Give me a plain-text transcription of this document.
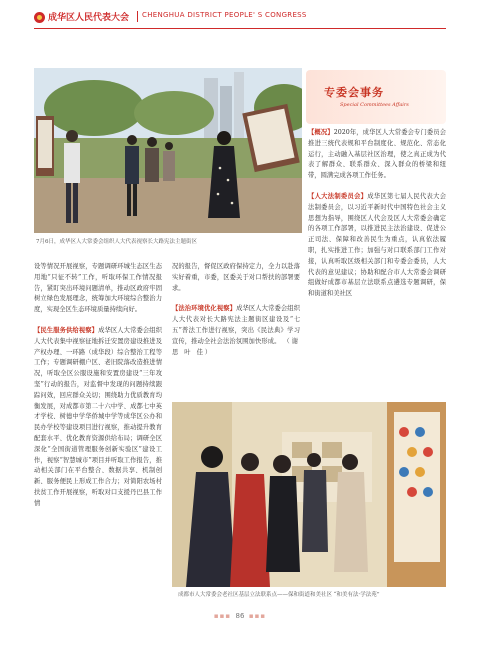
成华区人民代表大会 CHENGHUA DISTRICT PEOPLE' S CONGRESS
7月6日，成华区人大常委会组织人大代表视察长大路宪法主题街区
专委会事务
Special Committees Affairs

【概况】2020年，成华区人大常委会专门委员会推进三统代表规和平台制度化、规范化、常态化运行，主动融入基层社区治理，使之真正成为代表了解群众、联系群众、深入群众的桥梁和纽带，圆满完成各项工作任务。

【人大法制委员会】成华区第七届人民代表大会法制委员会，以习近平新时代中国特色社会主义思想为指导，围绕区人代会及区人大常委会确定的各项工作部署，以推进民主法治建设、促进公正司法、保障和改善民生为重点，认真依法履职，扎实推进工作；加强与对口联系部门工作对接，认真听取区级相关部门和专委会委员，人大代表的意见建议；协助和配合市人大常委会调研组做好成都市基层立法联系点遴选专题调研，保和街道和美社区

况的报告，督促区政府保持定力，全力以赴落实好着重，市委，区委关于对口帮扶的部署要求。

【法治环境优化视察】成华区人大常委会组织人大代表对长大路宪法主题街区建设及“七五”普法工作进行视察，突出《民法典》学习宣传，推动全社会法治氛围加快形成。 （谢 思 叶 佳）

设等情况开展视察，专题调研环城生态区生态用地“只征不转”工作，听取环保工作情况报告，紧盯突出环境问题清单，推动区政府牢固树立绿色发展理念，统筹加大环境综合整治力度，实现全区生态环境质量持续向好。

【民生服务供给视察】成华区人大常委会组织人大代表集中视察征地拆迁安置房建设推进及产权办理、一环路（成华段）综合整治工程等工作；专题调研棚户区、老旧院落改造推进情况，听取全区公服设施和安置房建设“三年攻坚”行动的报告，对监督中发现的问题持续跟踪问效，回应群众关切；围绕助力优质教育均衡发展，对成都市第二十六中学、成都七中英才学校、树德中学华侨城中学等成华区公办和民办学校等建设项目进行视察，推动提升教育配套水平、优化教育资源供给布局；调研全区深化“全国街道管理服务创新实验区”建设工作，视察“智慧城市”项目并听取工作报告，推动相关部门在平台整合、数据共享、机制创新、服务便民上形成工作合力；对简阳农场村扶贫工作开展视察，听取对口支援丹巴县工作情

成都市人大常委会老社区基层立法联系点——保和街道和美社区 “和美有法·学法苑”
▪▪▪ 86 ▪▪▪
